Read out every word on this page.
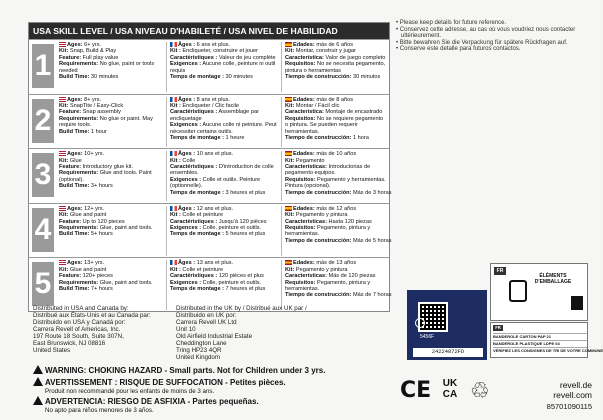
USA SKILL LEVEL / USA NIVEAU D'HABILETÉ / USA NIVEL DE HABILIDAD
1
Ages: 6+ yrs.
Kit: Snap, Build & Play
Feature: Full play value
Requirements: No glue, paint or tools needed
Build Time: 30 minutes
Âges : 6 ans et plus.
Kit : Encliqueter, construire et jouer
Caractéristiques : Valeur de jeu complète
Exigences : Aucune colle, peinture ni outil requis
Temps de montage : 30 minutes
Edades: más de 6 años
Kit: Montar, construir y jugar
Característica: Valor de juego completo
Requisitos: No se necesita pegamento, pintura o herramientas
Tiempo de construcción: 30 minutos
2
Ages: 8+ yrs.
Kit: SnapTite / Easy-Click
Feature: Snap assembly
Requirements: No glue or paint. May require tools.
Build Time: 1 hour
Âges : 8 ans et plus.
Kit : Encliqueter / Clic facile
Caractéristiques : Assemblage par encliquetage
Exigences : Aucune colle ni peinture. Peut nécessiter certains outils.
Temps de montage : 1 heure
Edades: más de 8 años
Kit: Montar / Fácil clic
Característica: Montaje de encastrado
Requisitos: No se requiere pegamento o pintura. Se pueden requerir herramientas.
Tiempo de construcción: 1 hora
3
Ages: 10+ yrs.
Kit: Glue
Feature: Introductory glue kit.
Requirements: Glue and tools. Paint (optional).
Build Time: 3+ hours
Âges : 10 ans et plus.
Kit : Colle
Caractéristiques : D'introduction de colle ensembles.
Exigences : Colle et outils. Peinture (optionnelle).
Temps de montage : 3 heures et plus
Edades: más de 10 años
Kit: Pegamento
Características: Introductorias de pegamento equipos.
Requisitos: Pegamento y herramientas. Pintura (opcional).
Tiempo de construcción: Más de 3 horas
4
Ages: 12+ yrs.
Kit: Glue and paint
Feature: Up to 120 pieces
Requirements: Glue, paint and tools.
Build Time: 5+ hours
Âges : 12 ans et plus.
Kit : Colle et peinture
Caractéristiques : Jusqu'à 120 pièces
Exigences : Colle, peinture et outils.
Temps de montage : 5 heures et plus
Edades: más de 12 años
Kit: Pegamento y pintura
Características: Hasta 120 piezas
Requisitos: Pegamento, pintura y herramientas.
Tiempo de construcción: Más de 5 horas
5
Ages: 13+ yrs.
Kit: Glue and paint
Feature: 120+ pieces
Requirements: Glue, paint and tools.
Build Time: 7+ hours
Âges : 13 ans et plus.
Kit : Colle et peinture
Caractéristiques : 120 pièces et plus
Exigences : Colle, peinture et outils.
Temps de montage : 7 heures et plus
Edades: más de 13 años
Kit: Pegamento y pintura
Características: Más de 120 piezas
Requisitos: Pegamento, pintura y herramientas.
Tiempo de construcción: Más de 7 horas
• Please keep details for future reference.
• Conservez cette adresse, au cas où vous voudriez nous contacter ultérieurement.
• Bitte bewahren Sie die Verpackung für spätere Rückfragen auf.
• Conserve este detalle para futuros contactos.
Distributed in USA and Canada by:
Distribué aux États-Unis et au Canada par:
Distribuido en USA y Canadá por:
Carrera Revell of Americas, Inc.
197 Route 18 South, Suite 307N,
East Brunswick, NJ 08816
United States
Distributed in the UK by / Distribué aux UK par / Distribuido en UK por:
Carrera Revell UK Ltd
Unit 10
Old Airfield Industrial Estate
Cheddington Lane
Tring HP23 4QR
United Kingdom
WARNING: CHOKING HAZARD - Small parts. Not for Children under 3 yrs.
AVERTISSEMENT : RISQUE DE SUFFOCATION - Petites pièces.
Produit non recommandé pour les enfants de moins de 3 ans.
ADVERTENCIA: RIESGO DE ASFIXIA - Partes pequeñas.
No apto para niños menores de 3 años.
5456F
24224872FD
FR
ÉLÉMENTS D'EMBALLAGE
FR
BANDEROLE CARTON PAP 21
BANDEROLE PLASTIQUE LDPE 04
VÉRIFIEZ LES CONSIGNES DE TRI DE VOTRE COMMUNE
CE	UK
CA ♲	revell.de
revell.com
85701090115
